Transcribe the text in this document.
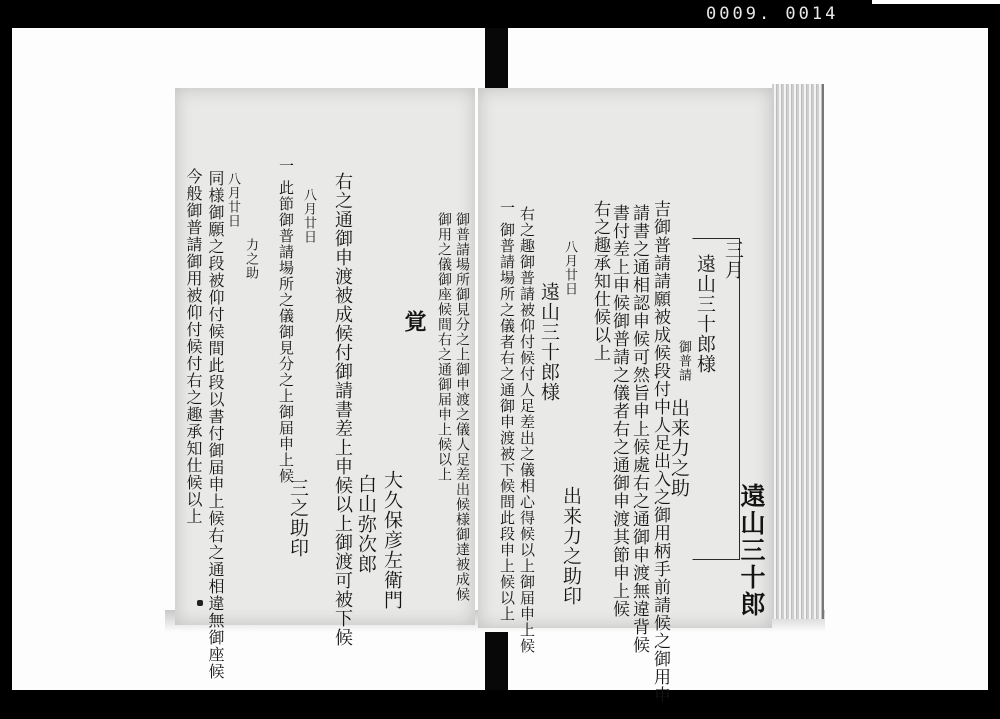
0009. 0014
遠山三十郎
三月
遠山三十郎様
御普請
出来力之助
吉御普請請願被成候段付中人足出入之御用柄手前請候之御用申
請書之通相認申候可然旨申上候處右之通御申渡無違背候
書付差上申候御普請之儀者右之通御申渡其節申上候
右之趣承知仕候以上
八月廿日
遠山三十郎様
右之趣御普請被仰付候付人足差出之儀相心得候以上御届申上候
一 御普請場所之儀者右之通御申渡被下候間此段申上候以上 出来力之助印
御普請場所御見分之上御申渡之儀人足差出候様御達被成候
御用之儀御座候間右之通御届申上候以上
覚
大久保彦左衛門
白山弥次郎
右之通御申渡被成候付御請書差上申候以上御渡可被下候
八月廿日
三之助印
一 此節御普請場所之儀御見分之上御届申上候
力之助
八月廿日
同様御願之段被仰付候間此段以書付御届申上候右之通相違無御座候
今般御普請御用被仰付候付右之趣承知仕候以上
